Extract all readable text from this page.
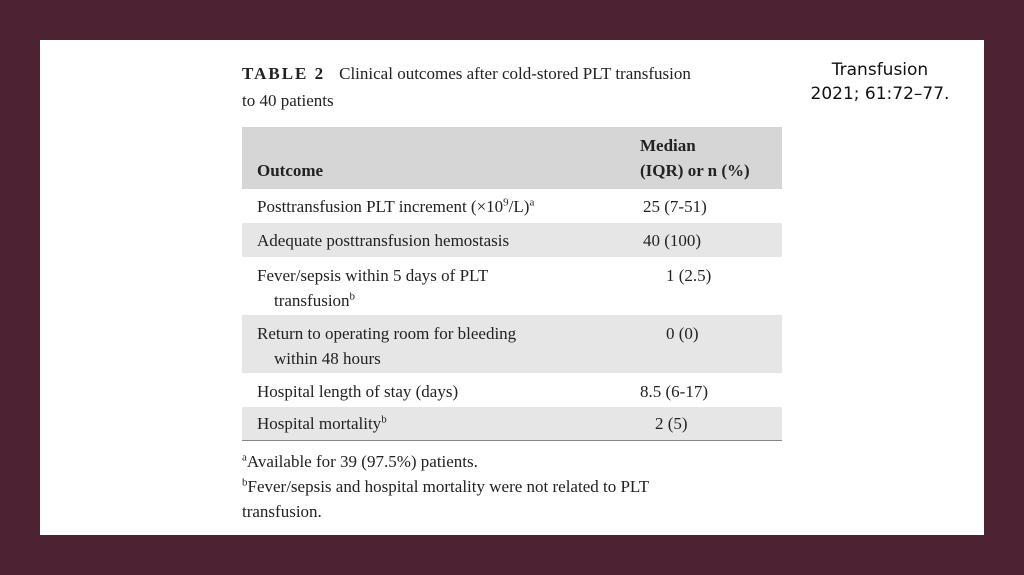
Transfusion
2021; 61:72–77.

TABLE 2 Clinical outcomes after cold-stored PLT transfusion
to 40 patients

Outcome	Median
(IQR) or n (%)

Posttransfusion PLT increment $(\times 10^9/L)^a$	25 (7-51)
Adequate posttransfusion hemostasis	40 (100)
Fever/sepsis within 5 days of PLT
transfusion$^b$	1 (2.5)
Return to operating room for bleeding
within 48 hours	0 (0)
Hospital length of stay (days)	8.5 (6-17)
Hospital mortality$^b$	2 (5)

$^a$Available for 39 (97.5%) patients.

$^b$Fever/sepsis and hospital mortality were not related to PLT

transfusion.
